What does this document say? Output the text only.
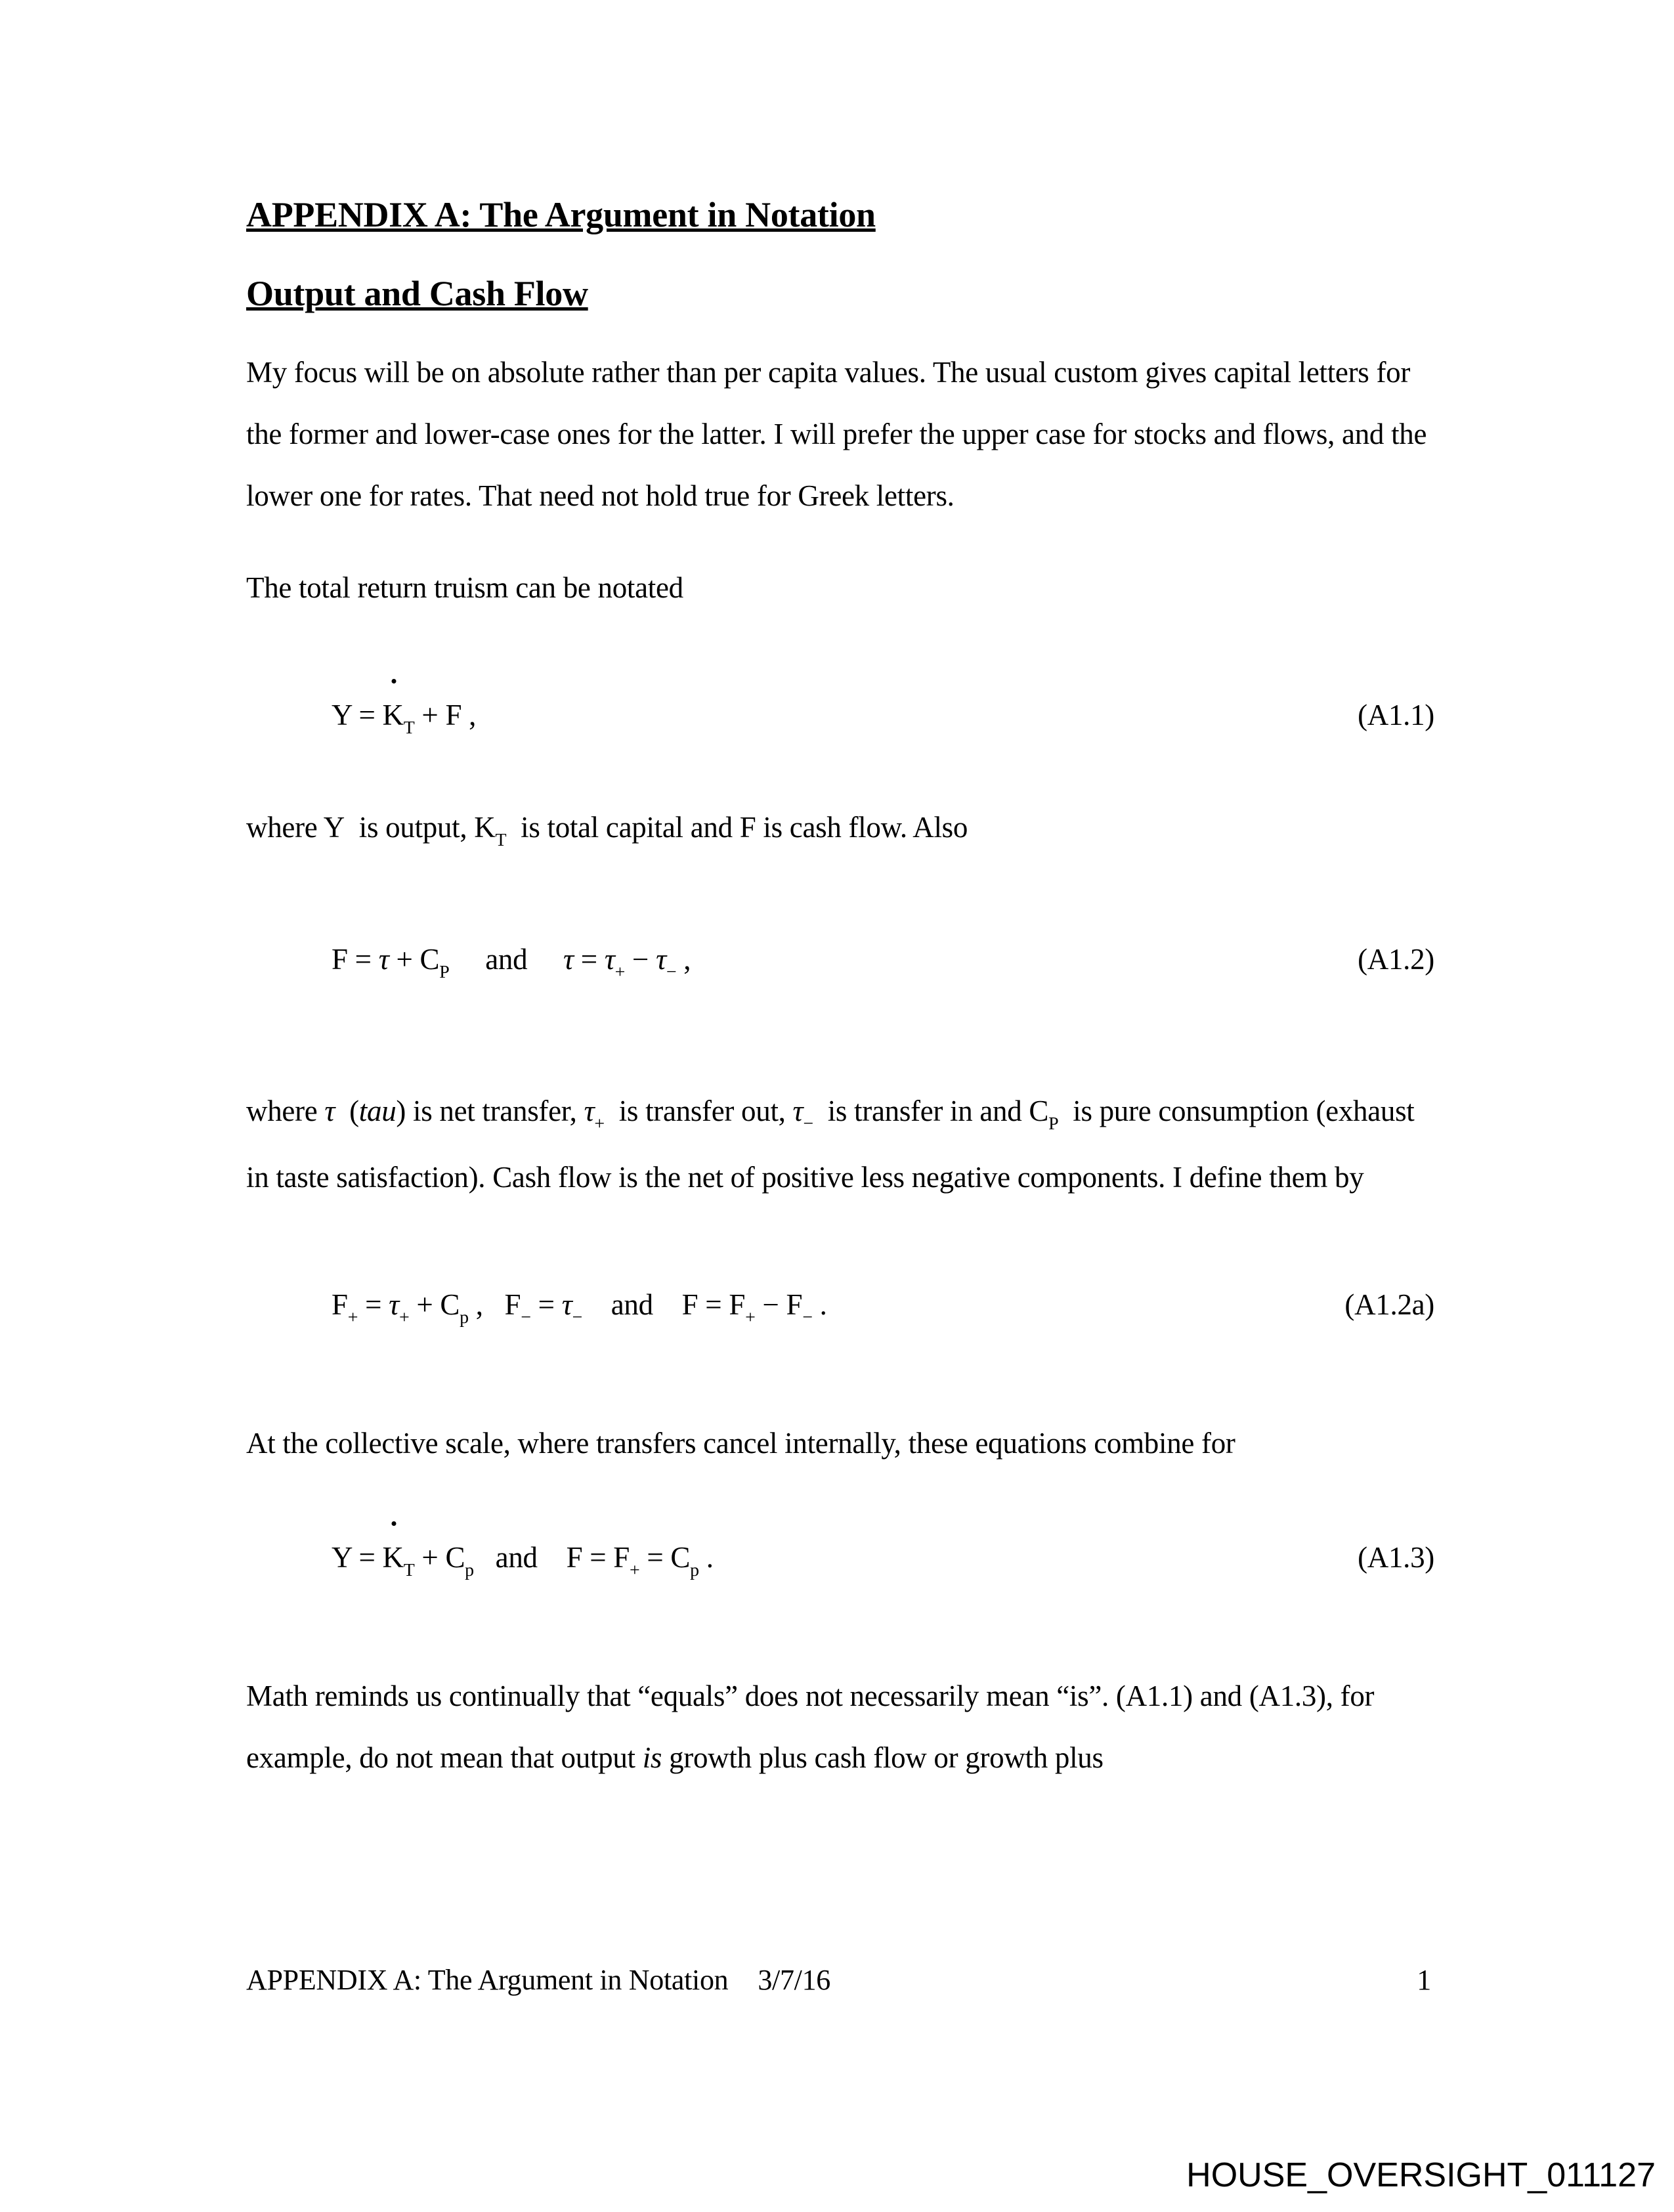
APPENDIX A: The Argument in Notation
Output and Cash Flow
My focus will be on absolute rather than per capita values. The usual custom gives capital letters for the former and lower-case ones for the latter. I will prefer the upper case for stocks and flows, and the lower one for rates. That need not hold true for Greek letters.
The total return truism can be notated
$Y = K_T + F$ ,	(A1.1)
where Y  is output, $K_T$  is total capital and F is cash flow. Also
$F = \tau + C_P$     and     $\tau = \tau_+ - \tau_-$ ,	(A1.2)
where τ  (tau) is net transfer, $\tau_+$  is transfer out, $\tau_-$  is transfer in and $C_P$  is pure consumption (exhaust in taste satisfaction). Cash flow is the net of positive less negative components. I define them by
$F_+ = \tau_+ + C_p$ ,   $F_- = \tau_-$    and    $F = F_+ - F_-$ .	(A1.2a)
At the collective scale, where transfers cancel internally, these equations combine for
$Y = K_T + C_p$   and    $F = F_+ = C_p$ .	(A1.3)
Math reminds us continually that “equals” does not necessarily mean “is”. (A1.1) and (A1.3), for example, do not mean that output is growth plus cash flow or growth plus
APPENDIX A: The Argument in Notation 3/7/16	1
HOUSE_OVERSIGHT_011127
